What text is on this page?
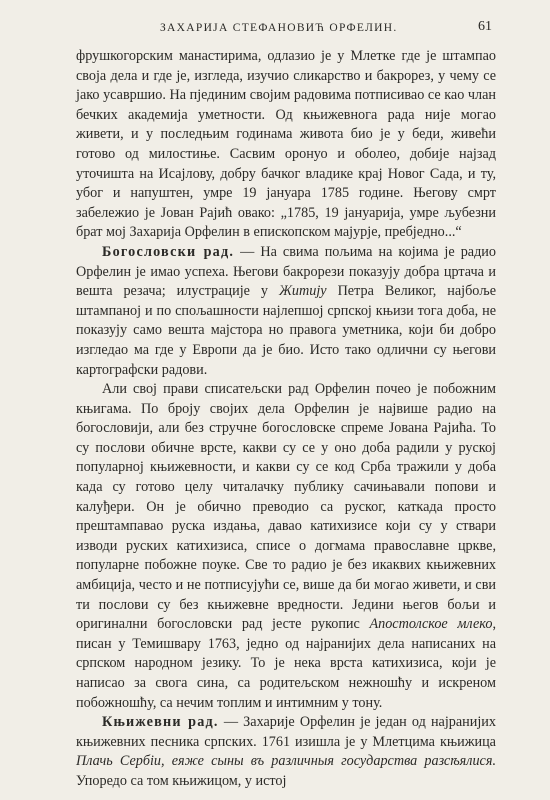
ЗАХАРИЈА СТЕФАНОВИЋ ОРФЕЛИН.	61

фрушкогорским манастирима, одлазио је у Млетке где је штампао своја дела и где је, изгледа, изучио сликарство и бакрорез, у чему се јако усавршио. На пјединим својим радовима потписивао се као члан бечких академија уметности. Од књижевнога рада није могао живети, и у последњим годинама живота био је у беди, живећи готово од милостиње. Сасвим оронуо и оболео, добије најзад уточишта на Исајлову, добру бачког владике крај Новог Сада, и ту, убог и напуштен, умре 19 јануара 1785 године. Његову смрт забележио је Јован Рајић овако: „1785, 19 јануарија, умре љубезни брат мој Захарија Орфелин в епископском мајурје, пребједно...“

Богословски рад. — На свима пољима на којима је радио Орфелин је имао успеха. Његови бакрорези показују добра цртача и вешта резача; илустрације у Житију Петра Великог, најбоље штампаној и по спољашности најлепшој српској књизи тога доба, не показују само вешта мајстора но правога уметника, који би добро изгледао ма где у Европи да је био. Исто тако одлични су његови картографски радови.

Али свој прави списатељски рад Орфелин почео је побожним књигама. По броју својих дела Орфелин је највише радио на богословији, али без стручне богословске спреме Јована Рајића. То су послови обичне врсте, какви су се у оно доба радили у руској популарној књижевности, и какви су се код Срба тражили у доба када су готово целу читалачку публику сачињавали попови и калуђери. Он је обично преводио са руског, каткада просто прештампавао руска издања, давао катихизисе који су у ствари изводи руских катихизиса, списе о догмама православне цркве, популарне побожне поуке. Све то радио је без икаквих књижевних амбиција, често и не потписујући се, више да би могао живети, и сви ти послови су без књижевне вредности. Једини његов бољи и оригинални богословски рад јесте рукопис Апостолское млеко, писан у Темишвару 1763, једно од најранијих дела написаних на српском народном језику. То је нека врста катихизиса, који је написао за свога сина, са родитељском нежношћу и искреном побожношћу, са нечим топлим и интимним у тону.

Књижевни рад. — Захарије Орфелин је један од најранијих књижевних песника српских. 1761 изишла је у Млетцима књижица Плачь Сербіи, еяже сыны въ различныя государства разсѣялися. Упоредо са том књижицом, у истој
